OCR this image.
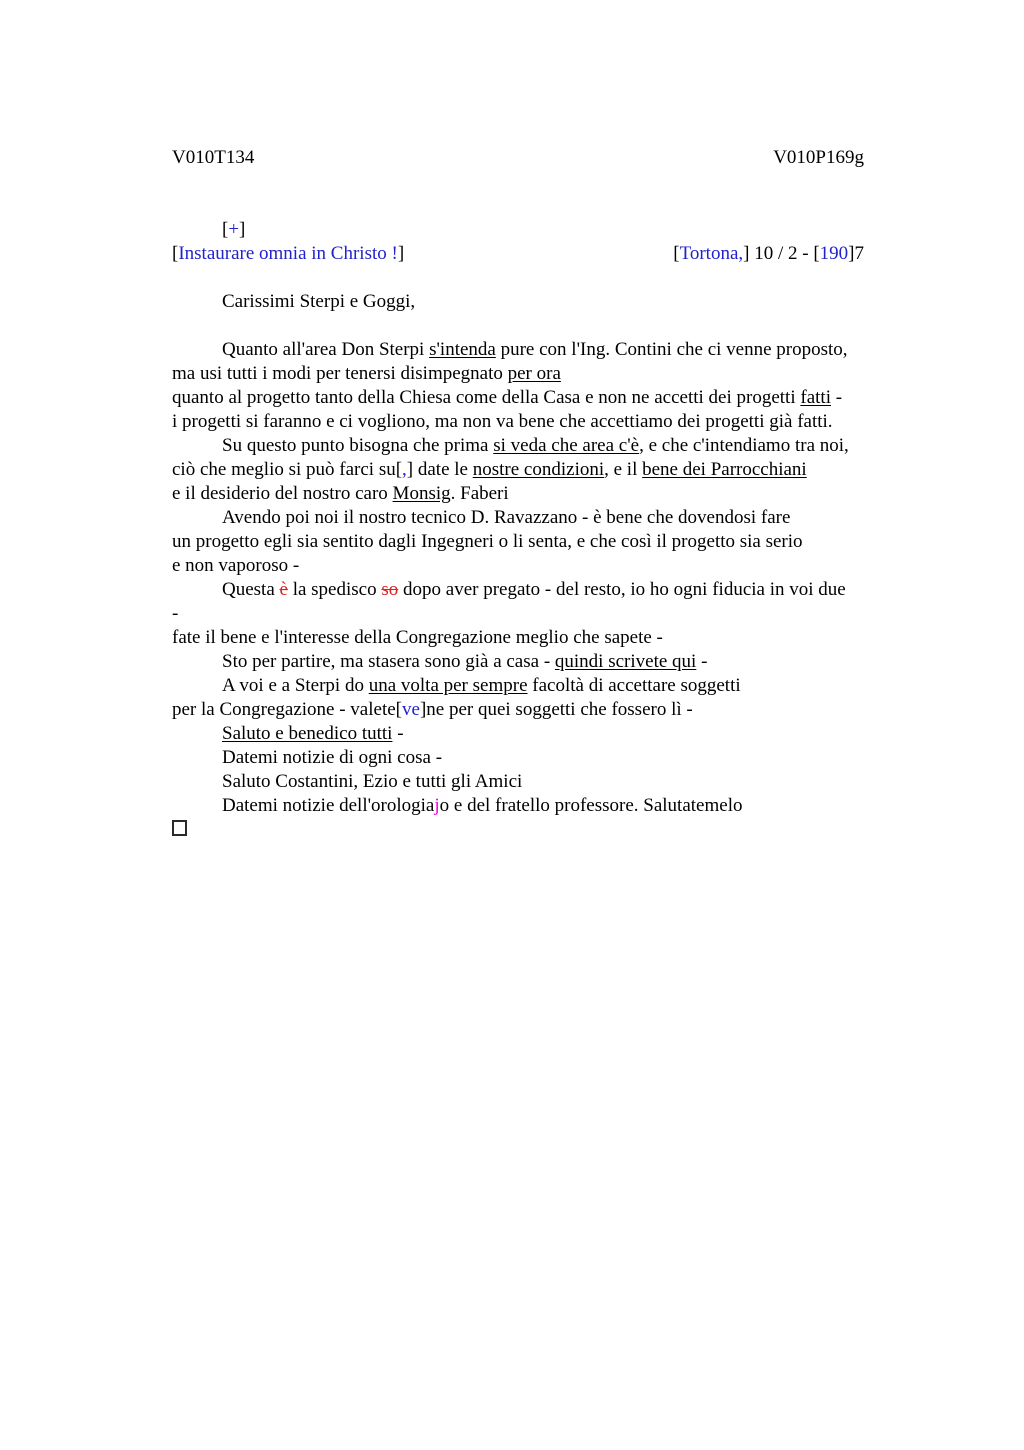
V010T134	V010P169g
[+]
[Instaurare omnia in Christo !]	[Tortona,] 10 / 2 - [190]7
Carissimi Sterpi e Goggi,
Quanto all'area Don Sterpi s'intenda pure con l'Ing. Contini che ci venne proposto,
ma usi tutti i modi per tenersi disimpegnato per ora
quanto al progetto tanto della Chiesa come della Casa e non ne accetti dei progetti fatti -
i progetti si faranno e ci vogliono, ma non va bene che accettiamo dei progetti già fatti.
Su questo punto bisogna che prima si veda che area c'è, e che c'intendiamo tra noi,
ciò che meglio si può farci su[,] date le nostre condizioni, e il bene dei Parrocchiani
e il desiderio del nostro caro Monsig. Faberi
Avendo poi noi il nostro tecnico D. Ravazzano - è bene che dovendosi fare
un progetto egli sia sentito dagli Ingegneri o li senta, e che così il progetto sia serio
e non vaporoso -
Questa è la spedisco so dopo aver pregato - del resto, io ho ogni fiducia in voi due
-
fate il bene e l'interesse della Congregazione meglio che sapete -
Sto per partire, ma stasera sono già a casa - quindi scrivete qui -
A voi e a Sterpi do una volta per sempre facoltà di accettare soggetti
per la Congregazione - valete[ve]ne per quei soggetti che fossero lì -
Saluto e benedico tutti -
Datemi notizie di ogni cosa -
Saluto Costantini, Ezio e tutti gli Amici
Datemi notizie dell'orologiajo e del fratello professore. Salutatemelo
